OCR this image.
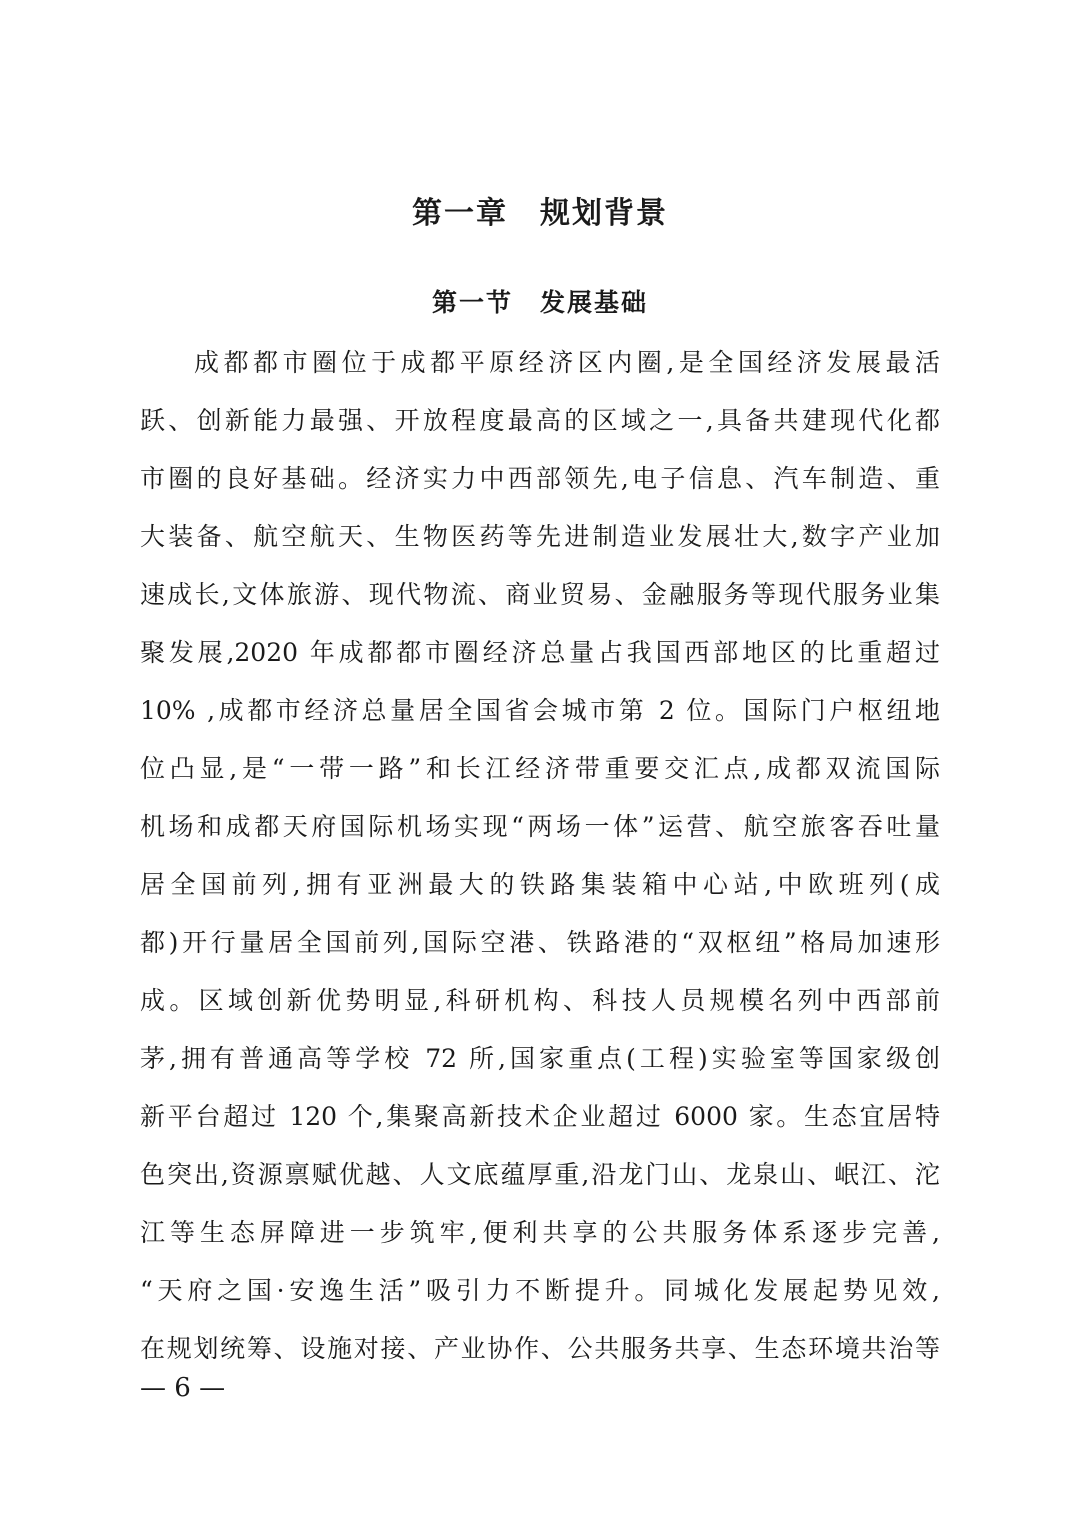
第一章　规划背景
第一节　发展基础
成都都市圈位于成都平原经济区内圈,是全国经济发展最活
跃、创新能力最强、开放程度最高的区域之一,具备共建现代化都
市圈的良好基础。经济实力中西部领先,电子信息、汽车制造、重
大装备、航空航天、生物医药等先进制造业发展壮大,数字产业加
速成长,文体旅游、现代物流、商业贸易、金融服务等现代服务业集
聚发展,2020 年成都都市圈经济总量占我国西部地区的比重超过
10% ,成都市经济总量居全国省会城市第 2 位。国际门户枢纽地
位凸显,是“一带一路”和长江经济带重要交汇点,成都双流国际
机场和成都天府国际机场实现“两场一体”运营、航空旅客吞吐量
居全国前列,拥有亚洲最大的铁路集装箱中心站,中欧班列(成
都)开行量居全国前列,国际空港、铁路港的“双枢纽”格局加速形
成。区域创新优势明显,科研机构、科技人员规模名列中西部前
茅,拥有普通高等学校 72 所,国家重点(工程)实验室等国家级创
新平台超过 120 个,集聚高新技术企业超过 6000 家。生态宜居特
色突出,资源禀赋优越、人文底蕴厚重,沿龙门山、龙泉山、岷江、沱
江等生态屏障进一步筑牢,便利共享的公共服务体系逐步完善,
“天府之国·安逸生活”吸引力不断提升。同城化发展起势见效,
在规划统筹、设施对接、产业协作、公共服务共享、生态环境共治等
— 6 —
